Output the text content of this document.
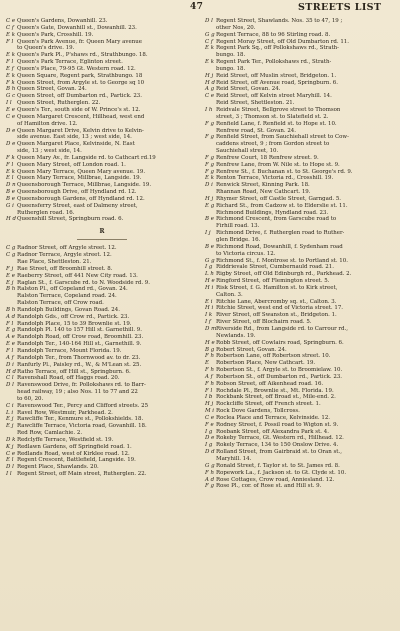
47	STREETS LIST
C e Queen's Gardens, Dowanhill. 23.
C f Queen's Gate, Dowanhill st., Dowanhill. 23.
E k Queen's Park, Crosshill. 19.
F l Queen's Park Avenue, fr. Queen Mary avenue
to Queen's drive. 19.
E k Queen's Park Pl., P'shaws rd., Strathbungo. 18.
F l Queen's Park Terrace, Eglinton street.
E f Queen's Place, 79-95 Gt. Western road. 12.
E k Queen Square, Regent park, Strathbungo. 18
F k Queen Street, from Argyle st. to George sq 10
B h Queen Street, Govan. 24.
G c Queen Street, off Dumbarton rd., Partick. 23.
I l Queen Street, Rutherglen. 22.
E e Queen's Ter., south side of W. Prince's st. 12.
C e Queen Margaret Crescent, Hillhead, west end
of Hamilton drive. 12.
D e Queen Margaret Drive, Kelvin drive to Kelvin-
side avenue. East side, 13 ; west side, 14.
D e Queen Margaret Place, Kelvinside, N. East
side, 13 ; west side, 14.
F k Queen Mary Av., fr. Langside rd. to Cathcart rd.19
F l Queen Mary Street, off London road. 1.
E k Queen Mary Terrace, Queen Mary avenue. 19.
E l Queen Mary Terrace, Millbrae, Langside. 19.
D n Queensborough Terrace, Millbrae, Langside. 19.
B e Queensborough Drive, off Hyndland rd. 12.
B e Queensborough Gardens, off Hyndland rd. 12.
G i Queensferry Street, east of Dalmeny street,
Rutherglen road. 16.
H d Queenshill Street, Springburn road. 6.
R
C g Radnor Street, off Argyle street. 12.
C g Radnor Terrace, Argyle street. 12.
Rae Place, Shettleston. 21.
F j Rae Street, off Broomhill street. 8.
E e Raeberry Street, off 441 New City road. 13.
E j Raglan St., f. Garscube rd. to N. Woodside rd. 9.
B h Ralston Pl., off Copeland rd., Govan. 24.
Ralston Terrace, Copeland road. 24.
Ralston Terrace, off Crow road.
B h Randolph Buildings, Govan Road. 24.
A d Randolph Gds., off Crow rd., Partick. 23.
F l Randolph Place, 15 to 39 Brownlie st. 19.
E g Randolph Pl. 140 to 157 Hill st. Garnethill. 9.
A e Randolph Road, off Crow road, Broomhill. 23.
E e Randolph Ter., 140-164 Hill st., Garnethill. 9.
F l Randolph Terrace, Mount Florida. 19.
A f Randolph Ter., from Thornwood av. to dr. 23.
D i Ranfurly Pl., Paisley rd., W., & M'Lean st. 25.
H d Ratho Terrace, off Hill st., Springburn. 6.
C l Ravenshall Road, off Haggs road. 20.
D l Ravenswood Drive, fr. Pollokshaws rd. to Barr-
head railway, 19 ; also Nos. 11 to 77 and 22
to 60, 20.
C i Ravenswood Ter., Percy and Clifford streets. 25
L i Ravel Row, Westmuir, Parkhead. 2.
E j Rawcliffe Ter., Kenmure st., Pollokshields. 18.
E j Rawcliffe Terrace, Victoria road, Govanhill. 18.
Red Row, Camlachie. 2.
D k Redclyffe Terrace, Westfield st. 19.
K j Redlawn Gardens, off Springfield road. 1.
C e Redlands Road, west of Kirklee road. 12.
E l Regent Crescent, Battlefield, Langside. 19.
D l Regent Place, Shawlands. 20.
I l Regent Street, off Main street, Rutherglen. 22.
D l Regent Street, Shawlands. Nos. 35 to 47, 19 ;
other Nos, 20.
G g Regent Terrace, 88 to 96 Stirling road. 8.
C f Regent Moray Street, off Old Dumbarton rd. 11.
E k Regent Park Sq., off Pollokshaws rd., Strath-
bungo. 18.
E k Regent Park Ter., Pollokshaws rd., Strath-
bungo. 18.
H j Reid Street, off Muslin street, Bridgeton. 1.
H d Reid Street, off Avenue road, Springburn. 6.
A g Reid Street, Govan. 24.
C e Reid Street, off Kelvin street Maryhill. 14.
Reid Street, Shettleston. 21.
I h Reidvale Street, Bellgrove street to Thomson
street, 3 ; Thomson st. to Slatefield st. 2.
F g Renfield Lane, f. Renfield st. to Hope st. 10.
Renfrew road, St. Govan. 24.
F g Renfield Street, from Sauchiehall street to Cow-
caddens street, 9 ; from Gordon street to
Sauchiehall street, 10.
F g Renfrew Court, 18 Renfrew street. 9.
F g Renfrew Lane, from W. Nile st. to Hope st. 9.
F g Renfrew St., f. Buchanan st. to St. George's rd. 9.
E k Renton Terrace, Victoria rd., Crosshill. 19.
D i Renwick Street, Kinning Park. 18.
Rhannan Road, New Cathcart. 19.
H j Rhymer Street, off Castle Street, Garngad. 5.
E g Richard St., from Cadzow st. to Elderslie st. 11.
Richmond Buildings, Hyndland road. 23.
B e Richmond Crescent, from Garscube road to
Firhill road. 13.
I j Richmond Drive, f. Rutherglen road to Ruther-
glen Bridge. 16.
B e Richmond Road, Dowanhill, f. Sydenham road
to Victoria circus. 12.
G g Richmond St., f. Montrose st. to Portland st. 10.
I g Riddrievale Street, Cumbernauld road. 21.
L h Rigby Street, off Old Edinburgh rd., Parkhead. 2.
H e Ringford Street, off Flemington street. 5.
H i Risk Street, f. G. Hamilton st. to Kirk street,
Calton. 3.
E i Ritchie Lane, Abercromby sq. st., Calton. 3.
H i Ritchie Street, west end of Victoria street. 17.
I k River Street, off Swanston st., Bridgeton. 1.
I f River Street, off Blochairn road. 5.
D m Riverside Rd., from Langside rd. to Carrour rd.,
Newlands. 19.
H e Robb Street, off Cowlairs road, Springburn. 6.
B g Robert Street, Govan. 24.
F h Robertson Lane, off Robertson street. 10.
E	Robertson Place, New Cathcart. 19.
F h Robertson St., f. Argyle st. to Broomielaw. 10.
A f Robertson St., off Dumbarton rd., Partick. 23.
F h Robson Street, off Aikenhead road. 16.
F l Rochdale Pl., Brownlie st., Mt. Florida. 19.
I b Rockbank Street, off Broad st., Mile-end. 2.
H j Rockcliffe Street, off French street. 1.
M i Rock Dove Gardens, Tollcross.
C e Roclea Place and Terrace, Kelvinside. 12.
F e Rodney Street, f. Possil road to Wigton st. 9.
I g Roebank Street, off Alexandra Park st. 4.
D e Rokeby Terrace, Gt. Western rd., Hillhead. 12.
I g Rokely Terrace, 134 to 150 Onslow Drive. 4.
D d Rolland Street, from Gairbraid st. to Oran st.,
Maryhill. 14.
G g Ronald Street, f. Taylor st. to St. James rd. 8.
F h Ropework La., f. Jackson st. to Gt. Clyde st. 10.
A d Rose Cottages, Crow road, Anniesland. 12.
F g Rose Pl., cor. of Rose st. and Hill st. 9.
